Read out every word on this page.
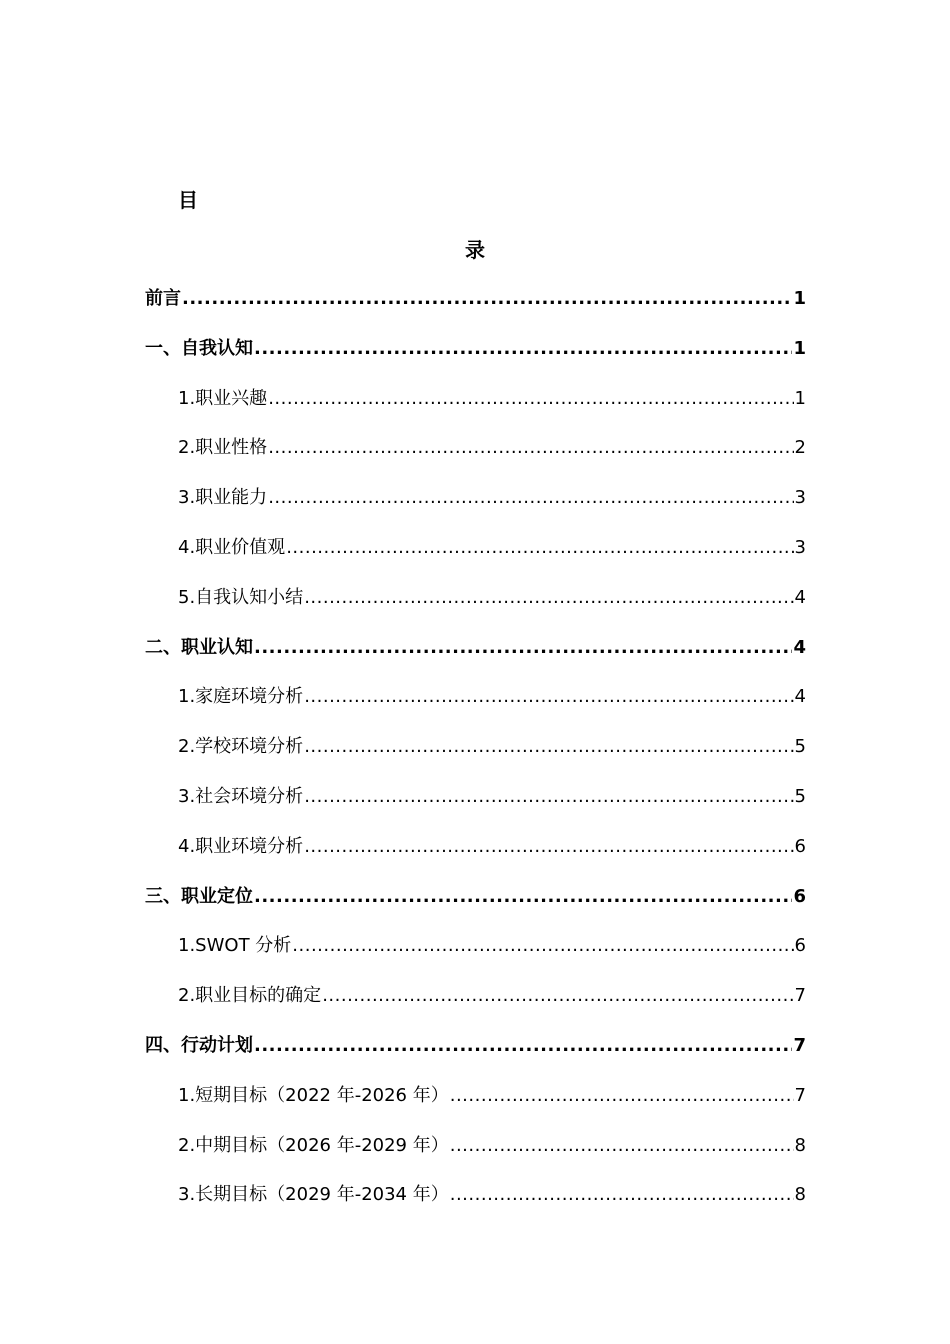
目
录
前言 .....	1
一、自我认知 .....	1
1.职业兴趣 .....	1
2.职业性格 .....	2
3.职业能力 .....	3
4.职业价值观 .....	3
5.自我认知小结 .....	4
二、职业认知 .....	4
1.家庭环境分析 .....	4
2.学校环境分析 .....	5
3.社会环境分析 .....	5
4.职业环境分析 .....	6
三、职业定位 .....	6
1.SWOT 分析 .....	6
2.职业目标的确定 .....	7
四、行动计划 .....	7
1.短期目标（2022 年-2026 年） .....	7
2.中期目标（2026 年-2029 年） .....	8
3.长期目标（2029 年-2034 年） .....	8
